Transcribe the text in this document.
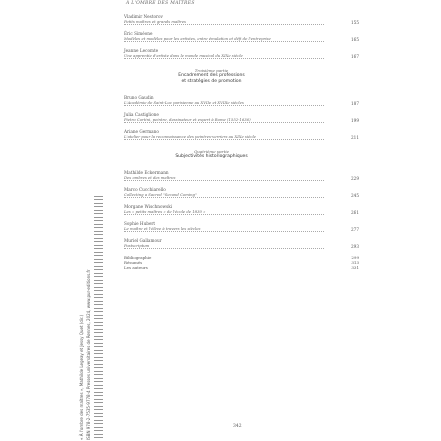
À L'OMBRE DES MAÎTRES
« À l'ombre des maîtres », Mathilde Legeay et Jessy Quet (dir.) ISBN 978-2-7535-9778-4 Presses universitaires de Rennes, 2024, www.pur-editions.fr
Vladimir Nestorov
Petits maîtres et grands maîtres	155
Éric Siméone
Modèles et modèles pour les artistes, entre émulation et défi de l'entreprise	165
Jeanne Lecomte
Une apprentie d'artiste dans le monde musical du XIXe siècle	167
Troisième partie
Encadrement des professions
et stratégies de promotion
Bruno Gaudin
L'Académie de Saint-Luc parisienne au XVIIe et XVIIIe siècles	187
Julia Castiglione
Pietro Cortini, peintre, dessinateur et expert à Rome (1552-1636)	199
Ariane Germano
L'atelier pour la reconnaissance des peintres-verriers au XIXe siècle	211
Quatrième partie
Subjectivités historiographiques
Mathilde Eckermann
Des ombres et des maîtres	229
Marco Cucchiarello
Collecting a Sacred "Second Coming"	245
Morgane Wischnowski
Les « petits maîtres » de l'école de 1830 »	261
Sophie Hubert
Le maître et l'élève à travers les siècles	277
Muriel Gallamour
Postscriptum	293
Bibliographie	299
Résumés	313
Les auteurs	331
342
